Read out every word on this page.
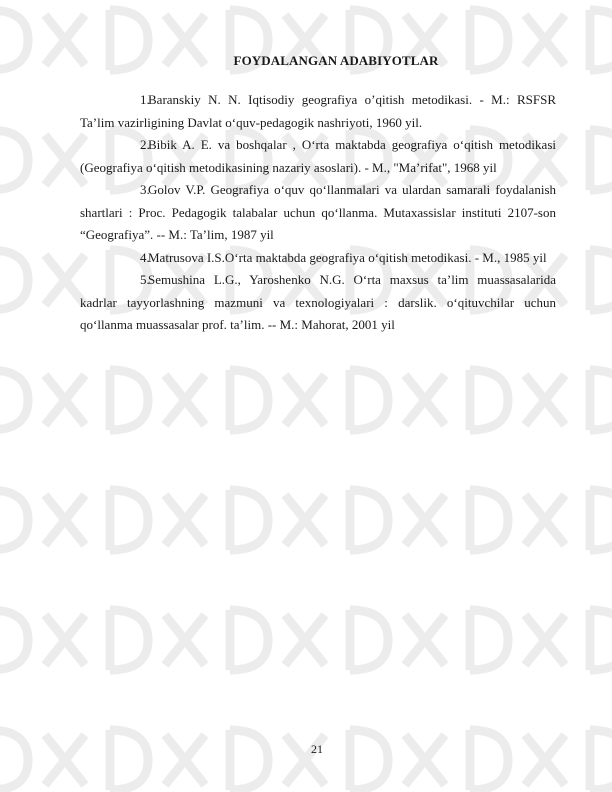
FOYDALANGAN ADABIYOTLAR
1.Baranskiy N. N. Iqtisodiy geografiya o’qitish metodikasi. - M.: RSFSR Ta’lim vazirligining Davlat o‘quv-pedagogik nashriyoti, 1960 yil.
2.Bibik A. E. va boshqalar , O‘rta maktabda geografiya o‘qitish metodikasi (Geografiya o‘qitish metodikasining nazariy asoslari). - M., "Ma’rifat", 1968 yil
3.Golov V.P. Geografiya o‘quv qo‘llanmalari va ulardan samarali foydalanish shartlari : Proc. Pedagogik talabalar uchun qo‘llanma. Mutaxassislar instituti 2107-son “Geografiya”. -- M.: Ta’lim, 1987 yil
4.Matrusova I.S.O‘rta maktabda geografiya o‘qitish metodikasi. - M., 1985 yil
5.Semushina L.G., Yaroshenko N.G. O‘rta maxsus ta’lim muassasalarida kadrlar tayyorlashning mazmuni va texnologiyalari : darslik. o‘qituvchilar uchun qo‘llanma muassasalar prof. ta’lim. -- M.: Mahorat, 2001 yil
21
